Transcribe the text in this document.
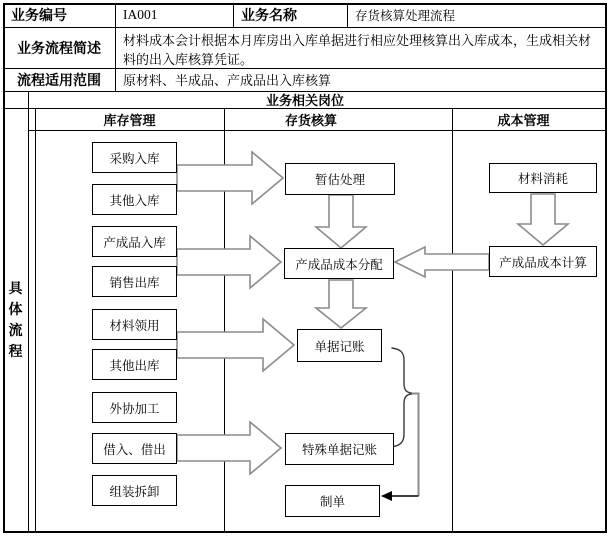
业务编号	IA001	业务名称	存货核算处理流程
业务流程简述	材料成本会计根据本月库房出入库单据进行相应处理核算出入库成本，生成相关材料的出入库核算凭证。
流程适用范围	原材料、半成品、产成品出入库核算
业务相关岗位
库存管理	存货核算	成本管理
具体流程
采购入库
其他入库
产成品入库
销售出库
材料领用
其他出库
外协加工
借入、借出
组装拆卸
暂估处理
产成品成本分配
单据记账
特殊单据记账
制单
材料消耗
产成品成本计算
